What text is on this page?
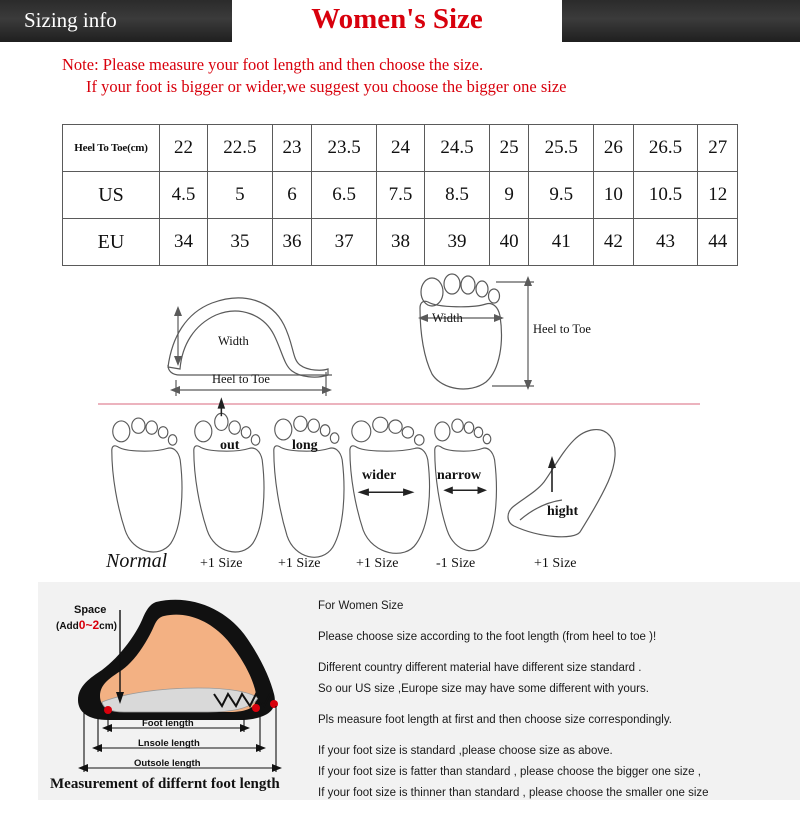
Sizing info	Women's Size
Note: Please measure your foot length and then choose the size.
If your foot is bigger or wider,we suggest you choose the bigger one size
Heel To Toe(cm)	22	22.5	23	23.5	24	24.5	25	25.5	26	26.5	27
US	4.5	5	6	6.5	7.5	8.5	9	9.5	10	10.5	12
EU	34	35	36	37	38	39	40	41	42	43	44
Width
Heel to Toe
Width
Heel to Toe
out	long
wider	narrow
hight
Normal +1 Size	+1 Size	+1 Size	-1 Size	+1 Size
Space
(Add0~2cm)
Foot length
Lnsole length
Outsole length
Measurement of differnt foot length

For Women Size

Please choose size according to the foot length (from heel to toe )!

Different country different material have different size standard .
So our US size ,Europe size may have some different with yours.

Pls measure foot length at first and then choose size correspondingly.

If your foot size is standard ,please choose size as above.
If your foot size is fatter than standard , please choose the bigger one size ,
If your foot size is thinner than standard , please choose the smaller one size
